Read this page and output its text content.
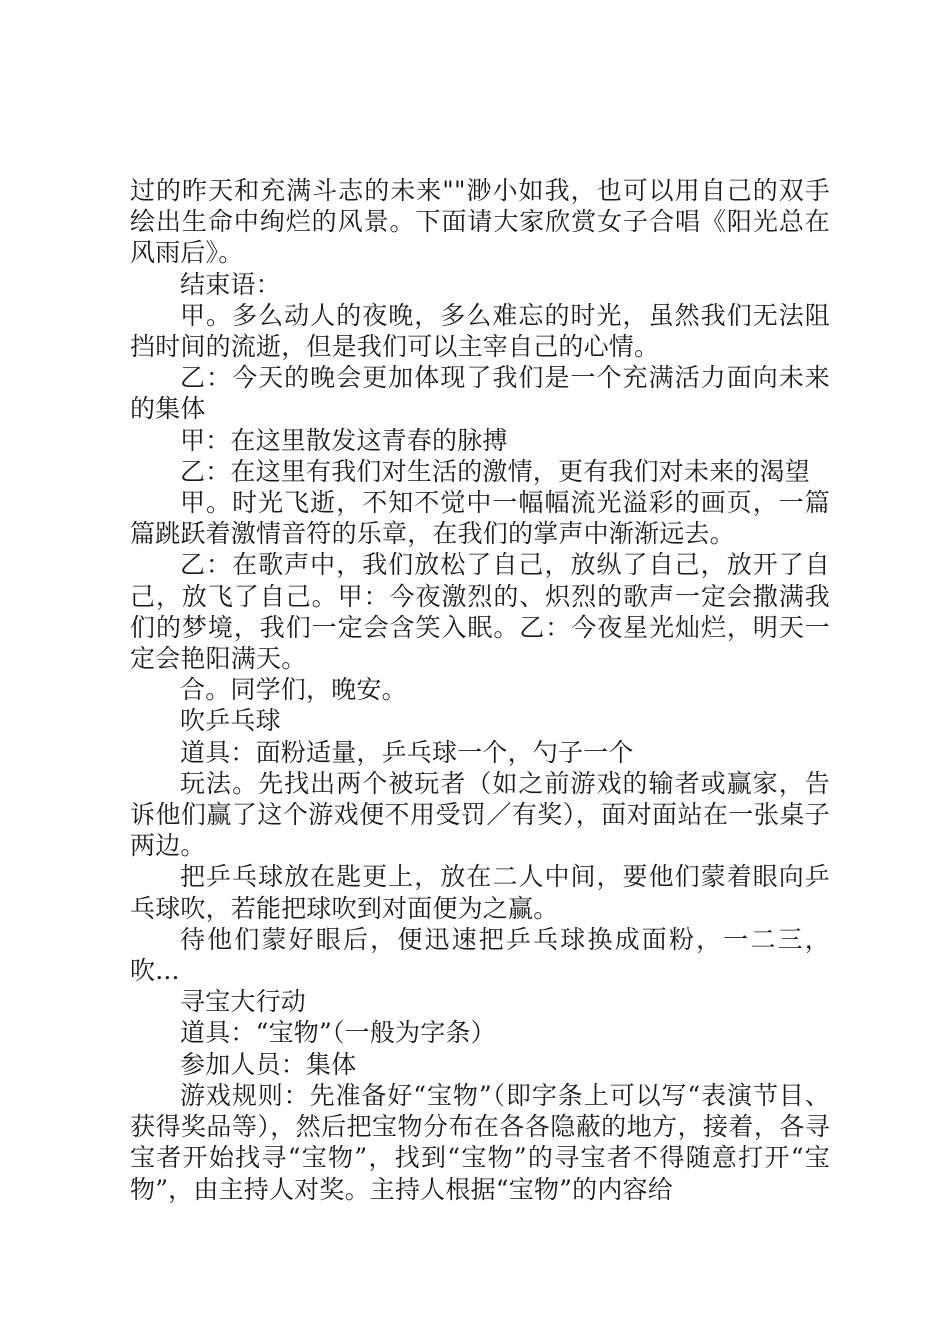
过的昨天和充满斗志的未来""渺小如我，也可以用自己的双手绘出生命中绚烂的风景。下面请大家欣赏女子合唱《阳光总在风雨后》。

结束语：

甲。多么动人的夜晚，多么难忘的时光，虽然我们无法阻挡时间的流逝，但是我们可以主宰自己的心情。

乙：今天的晚会更加体现了我们是一个充满活力面向未来的集体

甲：在这里散发这青春的脉搏

乙：在这里有我们对生活的激情，更有我们对未来的渴望

甲。时光飞逝，不知不觉中一幅幅流光溢彩的画页，一篇篇跳跃着激情音符的乐章，在我们的掌声中渐渐远去。

乙：在歌声中，我们放松了自己，放纵了自己，放开了自己，放飞了自己。甲：今夜激烈的、炽烈的歌声一定会撒满我们的梦境，我们一定会含笑入眠。乙：今夜星光灿烂，明天一定会艳阳满天。

合。同学们，晚安。

吹乒乓球

道具：面粉适量，乒乓球一个，勺子一个

玩法。先找出两个被玩者（如之前游戏的输者或赢家，告诉他们赢了这个游戏便不用受罚／有奖），面对面站在一张桌子两边。

把乒乓球放在匙更上，放在二人中间，要他们蒙着眼向乒乓球吹，若能把球吹到对面便为之赢。

待他们蒙好眼后，便迅速把乒乓球换成面粉，一二三，吹...

寻宝大行动

道具：“宝物”（一般为字条）

参加人员：集体

游戏规则：先准备好“宝物”（即字条上可以写“表演节目、获得奖品等），然后把宝物分布在各各隐蔽的地方，接着，各寻宝者开始找寻“宝物”，找到“宝物”的寻宝者不得随意打开“宝物”，由主持人对奖。主持人根据“宝物”的内容给
